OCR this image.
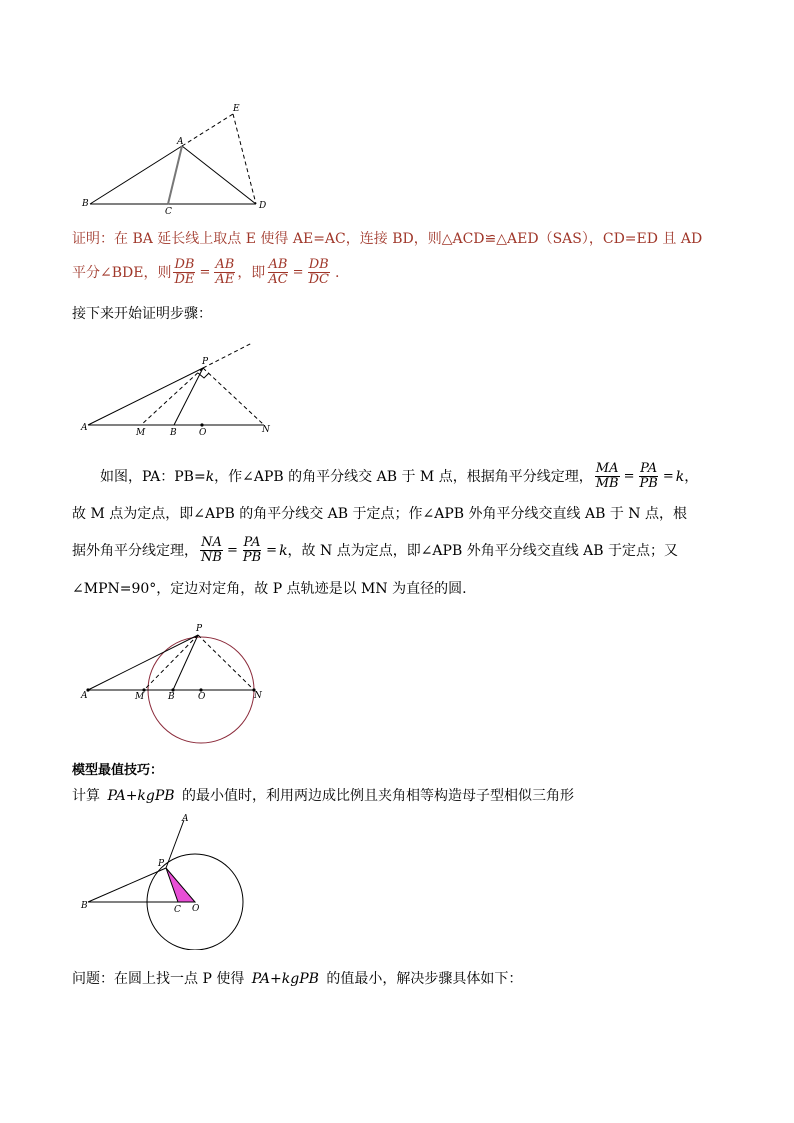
E
A
B
C
D
证明：在 BA 延长线上取点 E 使得 AE=AC，连接 BD，则△ACD≌△AED（SAS），CD=ED 且 AD
平分∠BDE，则 $\frac{DB}{DE} = \frac{AB}{AE}$ ，即 $\frac{AB}{AC} = \frac{DB}{DC}$ .
接下来开始证明步骤：
P
A	M	B O	N
如图，PA：PB= k ，作∠APB 的角平分线交 AB 于 M 点，根据角平分线定理， $\frac{MA}{MB} = \frac{PA}{PB} = k$ ，
故 M 点为定点，即∠APB 的角平分线交 AB 于定点；作∠APB 外角平分线交直线 AB 于 N 点，根
据外角平分线定理， $\frac{NA}{NB} = \frac{PA}{PB} = k$ ，故 N 点为定点，即∠APB 外角平分线交直线 AB 于定点；又
∠MPN=90°，定边对定角，故 P 点轨迹是以 MN 为直径的圆.
P
A	M	B	O	N
模型最值技巧：
计算 PA+kgPB 的最小值时，利用两边成比例且夹角相等构造母子型相似三角形
A
P
B	C O
问题：在圆上找一点 P 使得 PA+kgPB 的值最小，解决步骤具体如下：
